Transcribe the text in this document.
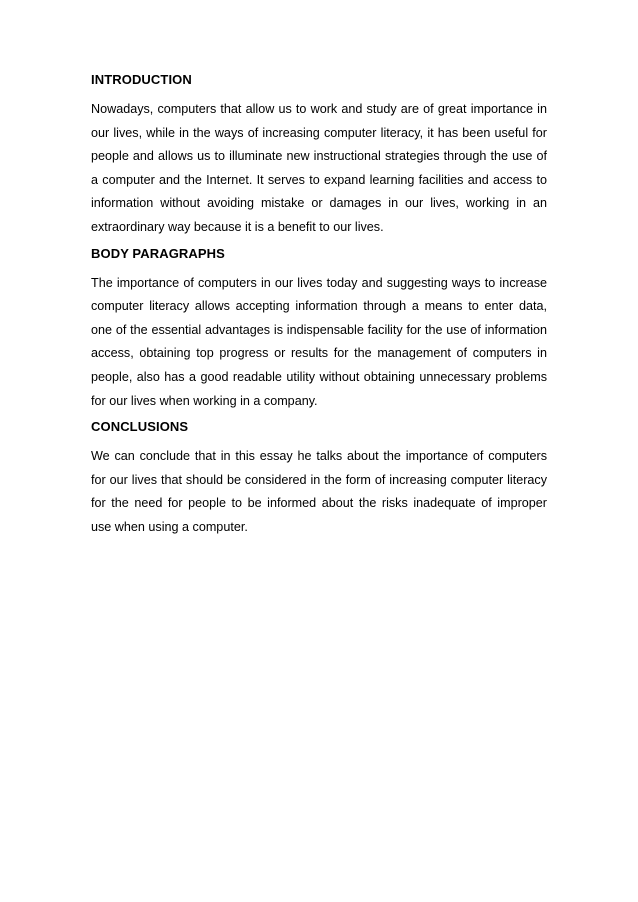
INTRODUCTION
Nowadays, computers that allow us to work and study are of great importance in
our lives, while in the ways of increasing computer literacy, it has been useful for
people and allows us to illuminate new instructional strategies through the use of
a computer and the Internet. It serves to expand learning facilities and access to
information without avoiding mistake or damages in our lives, working in an
extraordinary way because it is a benefit to our lives.
BODY PARAGRAPHS
The importance of computers in our lives today and suggesting ways to increase
computer literacy allows accepting information through a means to enter data,
one of the essential advantages is indispensable facility for the use of information
access, obtaining top progress or results for the management of computers in
people, also has a good readable utility without obtaining unnecessary problems
for our lives when working in a company.
CONCLUSIONS
We can conclude that in this essay he talks about the importance of computers
for our lives that should be considered in the form of increasing computer literacy
for the need for people to be informed about the risks inadequate of improper
use when using a computer.
